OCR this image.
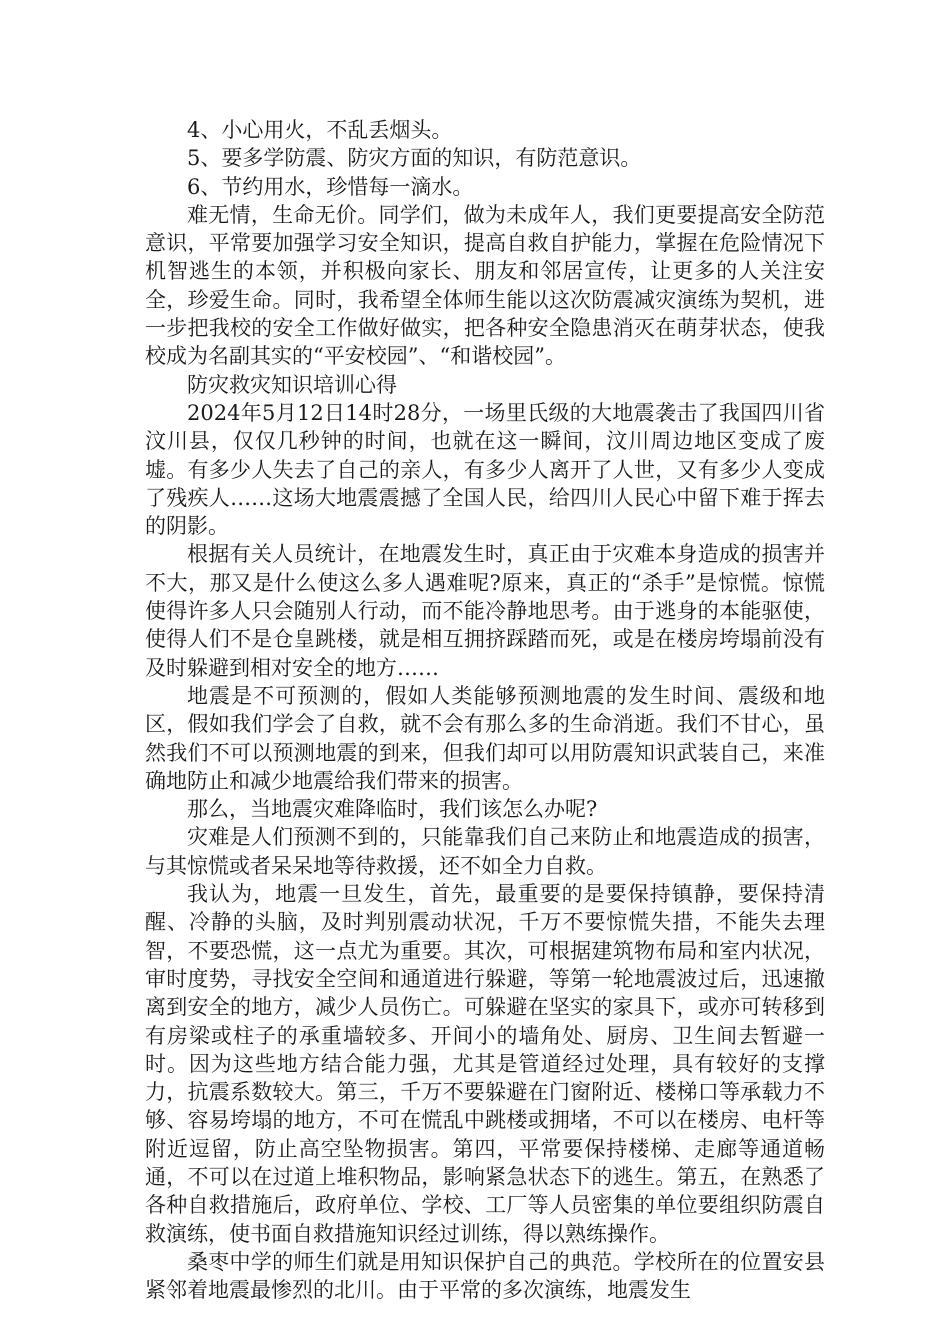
4、小心用火，不乱丢烟头。

5、要多学防震、防灾方面的知识，有防范意识。

6、节约用水，珍惜每一滴水。

难无情，生命无价。同学们，做为未成年人，我们更要提高安全防范意识，平常要加强学习安全知识，提高自救自护能力，掌握在危险情况下机智逃生的本领，并积极向家长、朋友和邻居宣传，让更多的人关注安全，珍爱生命。同时，我希望全体师生能以这次防震减灾演练为契机，进一步把我校的安全工作做好做实，把各种安全隐患消灭在萌芽状态，使我校成为名副其实的“平安校园”、“和谐校园”。

防灾救灾知识培训心得

2024年5月12日14时28分，一场里氏级的大地震袭击了我国四川省汶川县，仅仅几秒钟的时间，也就在这一瞬间，汶川周边地区变成了废墟。有多少人失去了自己的亲人，有多少人离开了人世，又有多少人变成了残疾人……这场大地震震撼了全国人民，给四川人民心中留下难于挥去的阴影。

根据有关人员统计，在地震发生时，真正由于灾难本身造成的损害并不大，那又是什么使这么多人遇难呢?原来，真正的“杀手”是惊慌。惊慌使得许多人只会随别人行动，而不能冷静地思考。由于逃身的本能驱使，使得人们不是仓皇跳楼，就是相互拥挤踩踏而死，或是在楼房垮塌前没有及时躲避到相对安全的地方……

地震是不可预测的，假如人类能够预测地震的发生时间、震级和地区，假如我们学会了自救，就不会有那么多的生命消逝。我们不甘心，虽然我们不可以预测地震的到来，但我们却可以用防震知识武装自己，来准确地防止和减少地震给我们带来的损害。

那么，当地震灾难降临时，我们该怎么办呢?

灾难是人们预测不到的，只能靠我们自己来防止和地震造成的损害，与其惊慌或者呆呆地等待救援，还不如全力自救。

我认为，地震一旦发生，首先，最重要的是要保持镇静，要保持清醒、冷静的头脑，及时判别震动状况，千万不要惊慌失措，不能失去理智，不要恐慌，这一点尤为重要。其次，可根据建筑物布局和室内状况，审时度势，寻找安全空间和通道进行躲避，等第一轮地震波过后，迅速撤离到安全的地方，减少人员伤亡。可躲避在坚实的家具下，或亦可转移到有房梁或柱子的承重墙较多、开间小的墙角处、厨房、卫生间去暂避一时。因为这些地方结合能力强，尤其是管道经过处理，具有较好的支撑力，抗震系数较大。第三，千万不要躲避在门窗附近、楼梯口等承载力不够、容易垮塌的地方，不可在慌乱中跳楼或拥堵，不可以在楼房、电杆等附近逗留，防止高空坠物损害。第四，平常要保持楼梯、走廊等通道畅通，不可以在过道上堆积物品，影响紧急状态下的逃生。第五，在熟悉了各种自救措施后，政府单位、学校、工厂等人员密集的单位要组织防震自救演练，使书面自救措施知识经过训练，得以熟练操作。

桑枣中学的师生们就是用知识保护自己的典范。学校所在的位置安县紧邻着地震最惨烈的北川。由于平常的多次演练，地震发生
